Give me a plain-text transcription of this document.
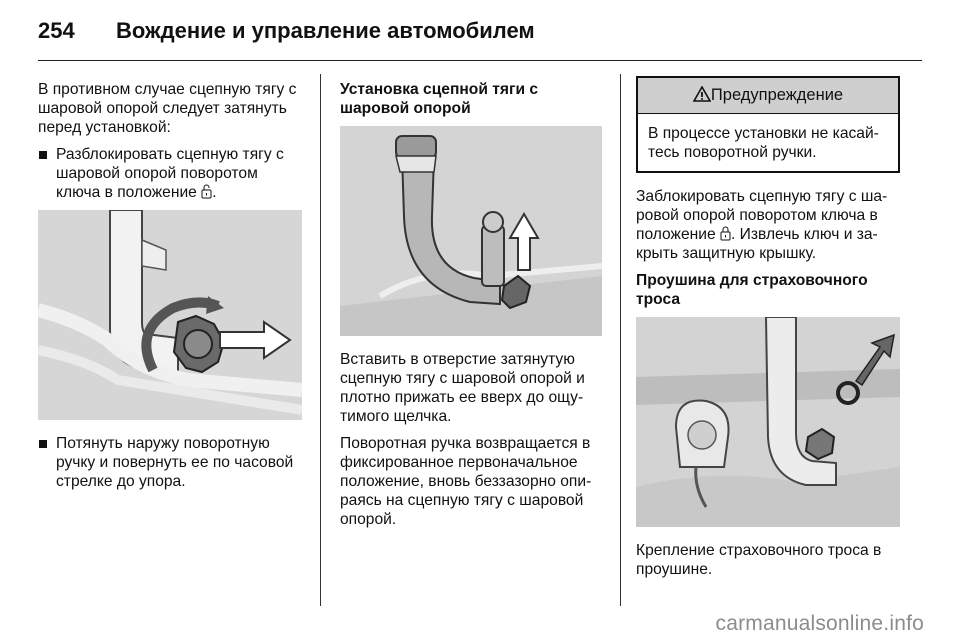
254	Вождение и управление автомобилем

В противном случае сцепную тягу с шаровой опорой следует затянуть перед установкой:

Разблокировать сцепную тягу с шаровой опорой поворотом ключа в положение .
Потянуть наружу поворотную ручку и повернуть ее по часовой стрелке до упора.
Установка сцепной тяги с шаровой опорой

Вставить в отверстие затянутую сцепную тягу с шаровой опорой и плотно прижать ее вверх до ощу-тимого щелчка.

Поворотная ручка возвращается в фиксированное первоначальное положение, вновь беззазорно опи-раясь на сцепную тягу с шаровой опорой.

Предупреждение
В процессе установки не касай-тесь поворотной ручки.

Заблокировать сцепную тягу с ша-ровой опорой поворотом ключа в положение . Извлечь ключ и за-крыть защитную крышку.

Проушина для страховочного троса

Крепление страховочного троса в проушине.

carmanualsonline.info
